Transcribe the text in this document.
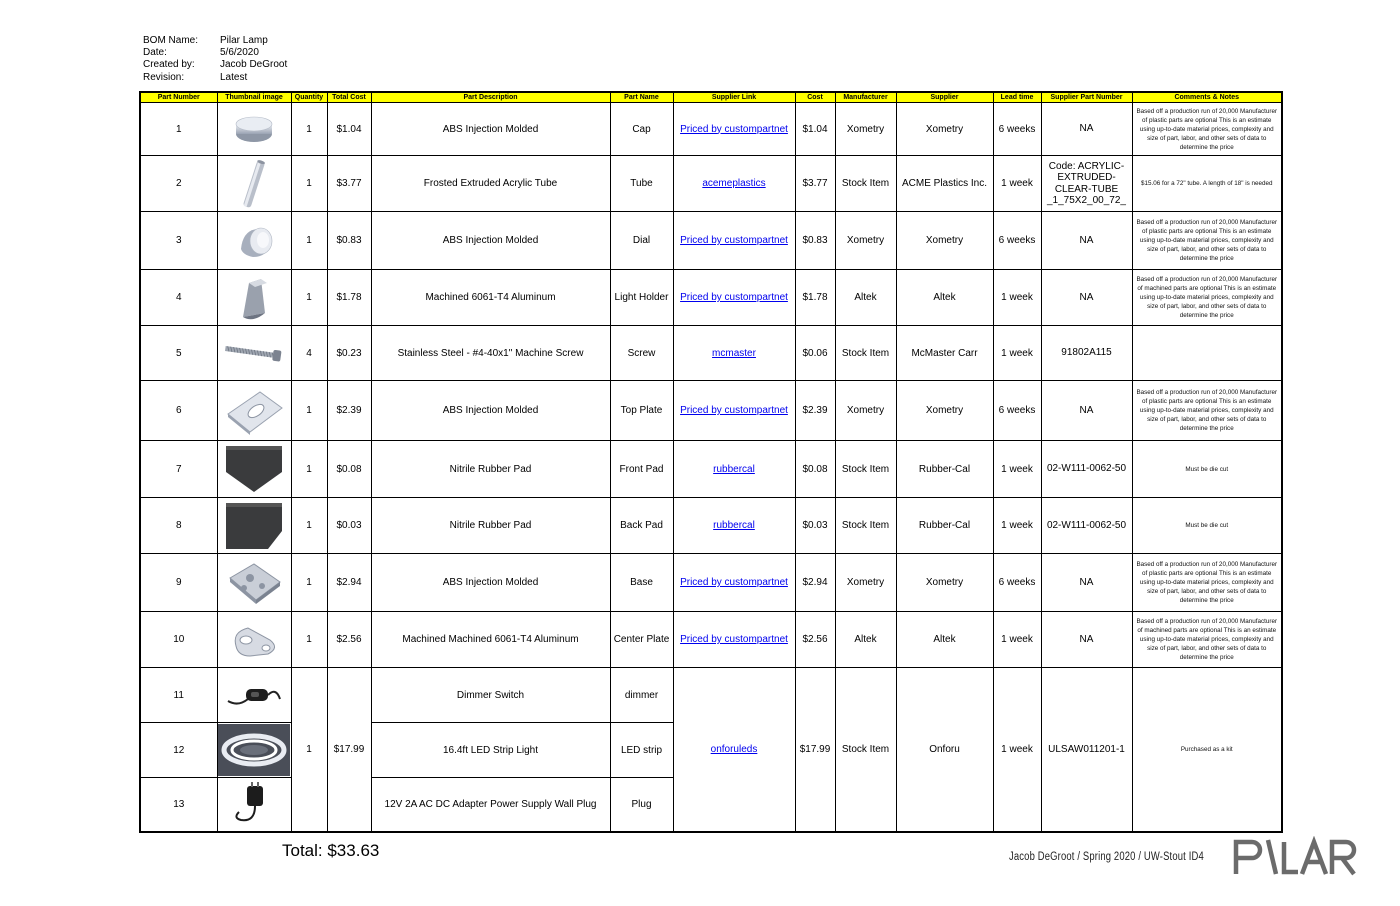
BOM Name:	Pilar Lamp
Date:	5/6/2020
Created by:	Jacob DeGroot
Revision:	Latest
Part Number	Thumbnail image	Quantity	Total Cost	Part Description	Part Name	Supplier Link	Cost	Manufacturer	Supplier	Lead time	Supplier Part Number	Comments & Notes
1		1	$1.04	ABS Injection Molded	Cap	Priced by custompartnet	$1.04	Xometry	Xometry	6 weeks	NA	Based off a production run of 20,000 Manufacturer of plastic parts are optional This is an estimate using up-to-date material prices, complexity and size of part, labor, and other sets of data to determine the price
2		1	$3.77	Frosted Extruded Acrylic Tube	Tube	acemeplastics	$3.77	Stock Item	ACME Plastics Inc.	1 week	Code: ACRYLIC-EXTRUDED-CLEAR-TUBE _1_75X2_00_72_	$15.06 for a 72" tube. A length of 18" is needed
3		1	$0.83	ABS Injection Molded	Dial	Priced by custompartnet	$0.83	Xometry	Xometry	6 weeks	NA	Based off a production run of 20,000 Manufacturer of plastic parts are optional This is an estimate using up-to-date material prices, complexity and size of part, labor, and other sets of data to determine the price
4		1	$1.78	Machined 6061-T4 Aluminum	Light Holder	Priced by custompartnet	$1.78	Altek	Altek	1 week	NA	Based off a production run of 20,000 Manufacturer of machined parts are optional This is an estimate using up-to-date material prices, complexity and size of part, labor, and other sets of data to determine the price
5		4	$0.23	Stainless Steel - #4-40x1" Machine Screw	Screw	mcmaster	$0.06	Stock Item	McMaster Carr	1 week	91802A115	
6		1	$2.39	ABS Injection Molded	Top Plate	Priced by custompartnet	$2.39	Xometry	Xometry	6 weeks	NA	Based off a production run of 20,000 Manufacturer of plastic parts are optional This is an estimate using up-to-date material prices, complexity and size of part, labor, and other sets of data to determine the price
7		1	$0.08	Nitrile Rubber Pad	Front Pad	rubbercal	$0.08	Stock Item	Rubber-Cal	1 week	02-W111-0062-50	Must be die cut
8		1	$0.03	Nitrile Rubber Pad	Back Pad	rubbercal	$0.03	Stock Item	Rubber-Cal	1 week	02-W111-0062-50	Must be die cut
9		1	$2.94	ABS Injection Molded	Base	Priced by custompartnet	$2.94	Xometry	Xometry	6 weeks	NA	Based off a production run of 20,000 Manufacturer of plastic parts are optional This is an estimate using up-to-date material prices, complexity and size of part, labor, and other sets of data to determine the price
10		1	$2.56	Machined Machined 6061-T4 Aluminum	Center Plate	Priced by custompartnet	$2.56	Altek	Altek	1 week	NA	Based off a production run of 20,000 Manufacturer of machined parts are optional This is an estimate using up-to-date material prices, complexity and size of part, labor, and other sets of data to determine the price
11		1	$17.99	Dimmer Switch	dimmer	onforuleds	$17.99	Stock Item	Onforu	1 week	ULSAW011201-1	Purchased as a kit
12				16.4ft LED Strip Light	LED strip							
13				12V 2A AC DC Adapter Power Supply Wall Plug	Plug							
Total: $33.63	Jacob DeGroot / Spring 2020 / UW-Stout ID4
